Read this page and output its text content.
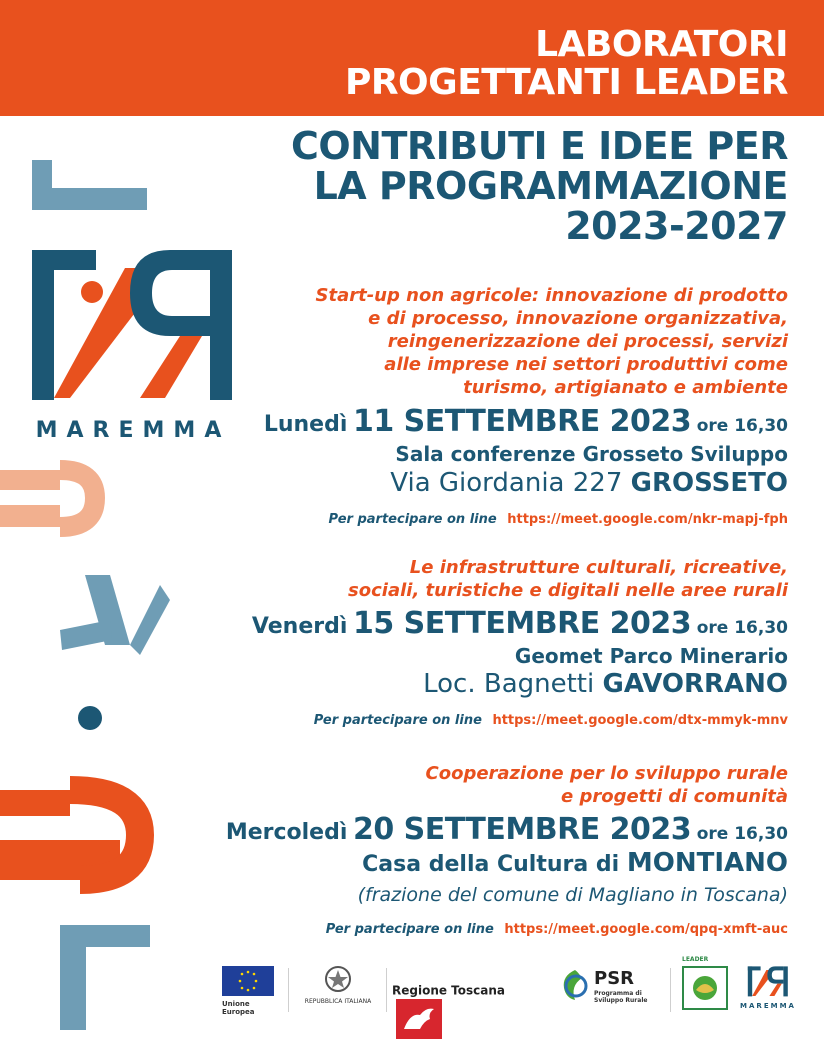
MAREMMA
LABORATORI
PROGETTANTI LEADER
CONTRIBUTI E IDEE PER
LA PROGRAMMAZIONE
2023-2027
Start-up non agricole: innovazione di prodotto
e di processo, innovazione organizzativa,
reingenerizzazione dei processi, servizi
alle imprese nei settori produttivi come
turismo, artigianato e ambiente
Lunedì 11 SETTEMBRE 2023 ore 16,30
Sala conferenze Grosseto Sviluppo
Via Giordania 227 GROSSETO
Per partecipare on line https://meet.google.com/nkr-mapj-fph
Le infrastrutture culturali, ricreative,
sociali, turistiche e digitali nelle aree rurali
Venerdì 15 SETTEMBRE 2023 ore 16,30
Geomet Parco Minerario
Loc. Bagnetti GAVORRANO
Per partecipare on line https://meet.google.com/dtx-mmyk-mnv
Cooperazione per lo sviluppo rurale
e progetti di comunità
Mercoledì 20 SETTEMBRE 2023 ore 16,30
Casa della Cultura di MONTIANO
(frazione del comune di Magliano in Toscana)
Per partecipare on line https://meet.google.com/qpq-xmft-auc
Unione Europea
REPUBBLICA ITALIANA
Regione Toscana
PSR
Programma di Sviluppo Rurale
LEADER
MAREMMA
